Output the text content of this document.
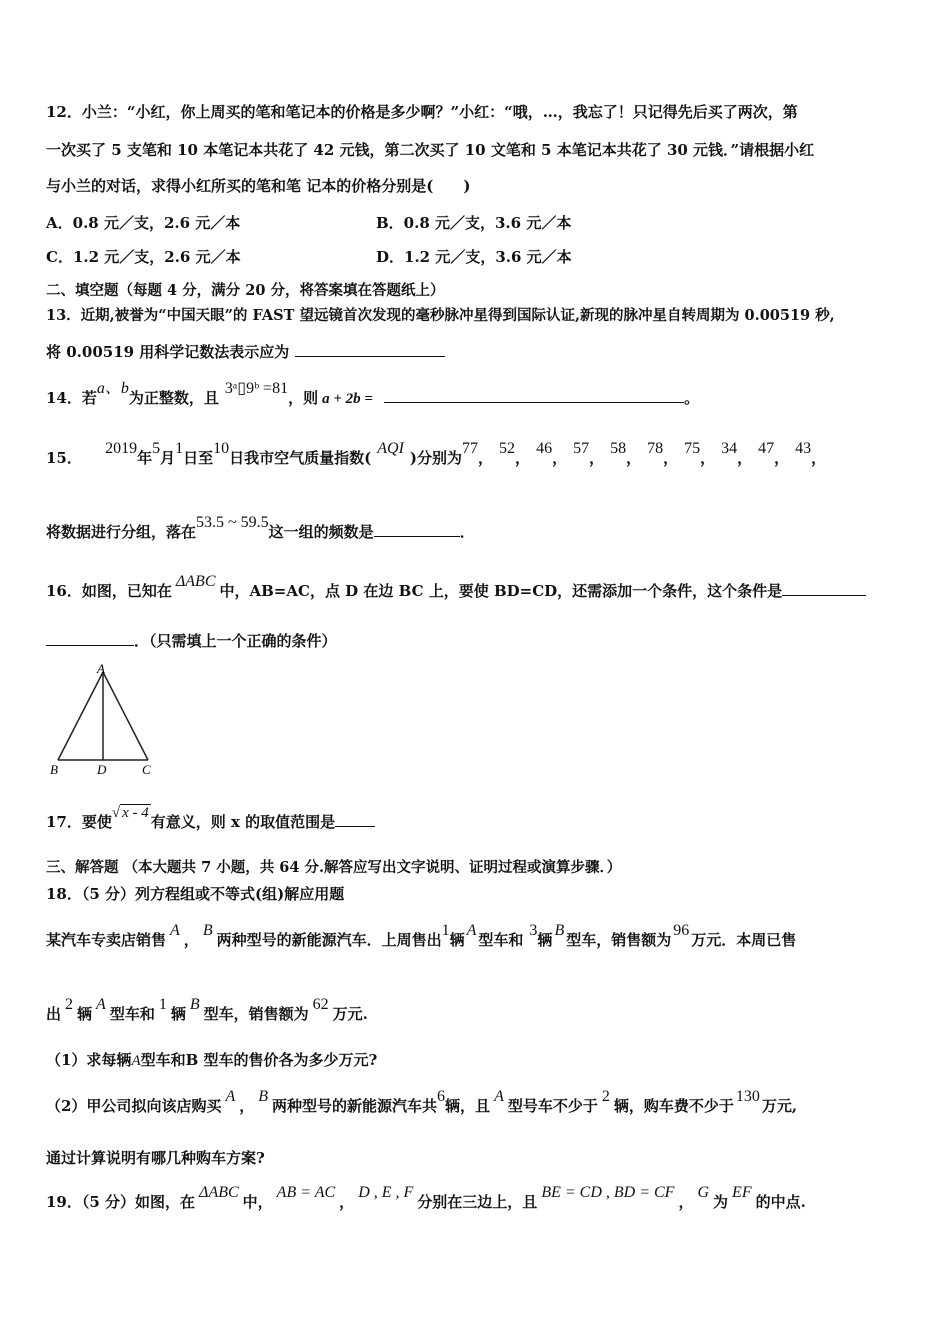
12．小兰：“小红，你上周买的笔和笔记本的价格是多少啊？”小红：“哦，…，我忘了！只记得先后买了两次，第
一次买了 5 支笔和 10 本笔记本共花了 42 元钱，第二次买了 10 文笔和 5 本笔记本共花了 30 元钱．”请根据小红
与小兰的对话，求得小红所买的笔和笔 记本的价格分别是(　　)
A．0.8 元／支，2.6 元／本	B．0.8 元／支，3.6 元／本
C．1.2 元／支，2.6 元／本	D．1.2 元／支，3.6 元／本
二、填空题（每题 4 分，满分 20 分，将答案填在答题纸上）
13．近期,被誉为“中国天眼”的 FAST 望远镜首次发现的毫秒脉冲星得到国际认证,新现的脉冲星自转周期为 0.00519 秒,
将 0.00519 用科学记数法表示应为
14．若a、b为正整数，且3ᵃ▯9ᵇ =81，则 a + 2b =	。
15． 2019年5月1日至10日我市空气质量指数(AQI)分别为77，52，46，57，58，78，75，34，47，43，
将数据进行分组，落在53.5 ~ 59.5这一组的频数是	．
16．如图，已知在ΔABC中，AB=AC，点 D 在边 BC 上，要使 BD=CD，还需添加一个条件，这个条件是
．（只需填上一个正确的条件）
A
B	D	C
17．要使√ x - 4 有意义，则 x 的取值范围是
三、解答题 （本大题共 7 小题，共 64 分.解答应写出文字说明、证明过程或演算步骤．）
18．（5 分）列方程组或不等式(组)解应用题
某汽车专卖店销售A，B两种型号的新能源汽车．上周售出1辆A型车和3辆B型车，销售额为96万元．本周已售
出2辆A型车和1辆B型车，销售额为62万元.
（1）求每辆A型车和B 型车的售价各为多少万元?
（2）甲公司拟向该店购买A，B两种型号的新能源汽车共6辆，且A型号车不少于2辆，购车费不少于130万元,
通过计算说明有哪几种购车方案?
19．（5 分）如图，在ΔABC中，AB = AC，D , E , F分别在三边上，且BE = CD , BD = CF，G为EF的中点.
